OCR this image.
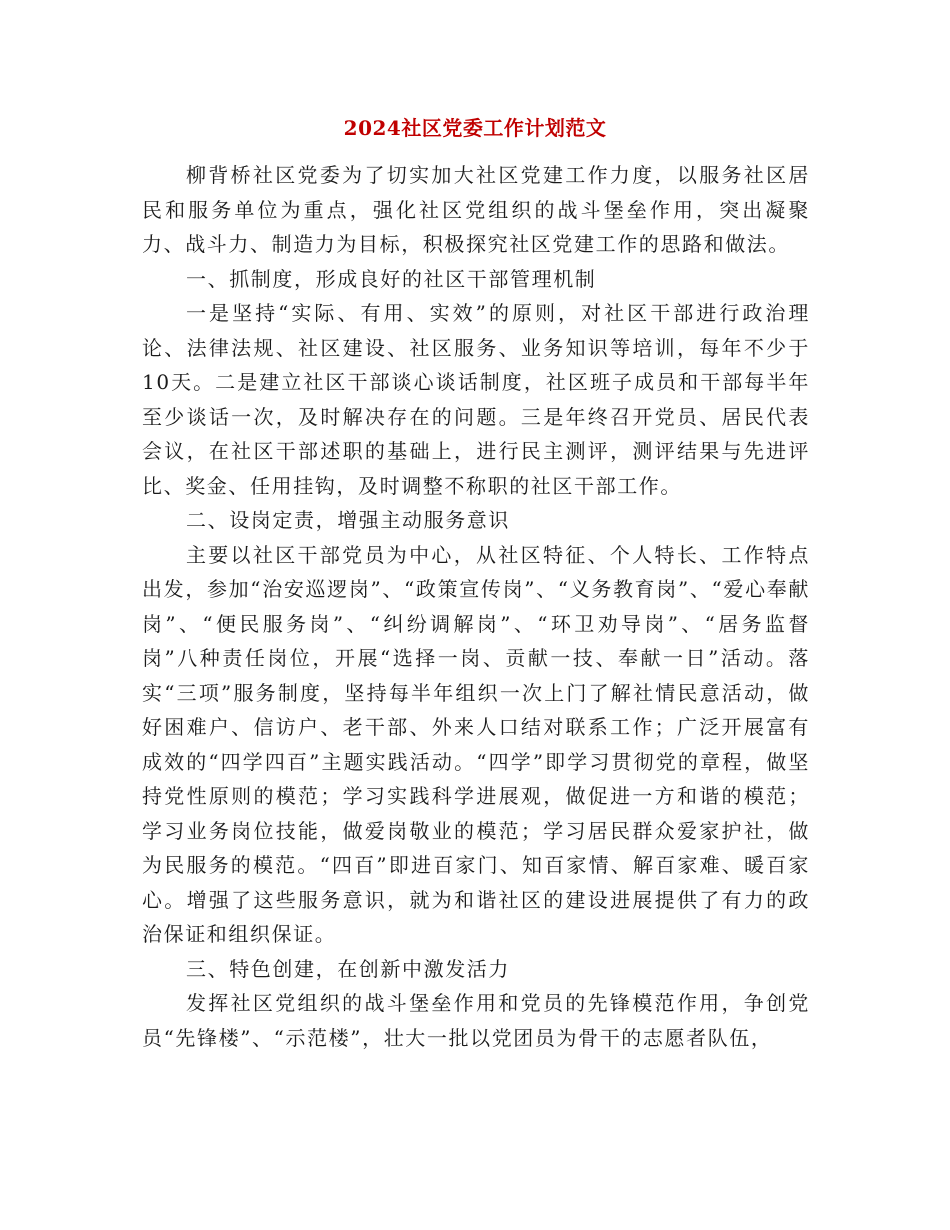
2024社区党委工作计划范文

柳背桥社区党委为了切实加大社区党建工作力度，以服务社区居民和服务单位为重点，强化社区党组织的战斗堡垒作用，突出凝聚力、战斗力、制造力为目标，积极探究社区党建工作的思路和做法。

一、抓制度，形成良好的社区干部管理机制

一是坚持“实际、有用、实效”的原则，对社区干部进行政治理论、法律法规、社区建设、社区服务、业务知识等培训，每年不少于10天。二是建立社区干部谈心谈话制度，社区班子成员和干部每半年至少谈话一次，及时解决存在的问题。三是年终召开党员、居民代表会议，在社区干部述职的基础上，进行民主测评，测评结果与先进评比、奖金、任用挂钩，及时调整不称职的社区干部工作。

二、设岗定责，增强主动服务意识

主要以社区干部党员为中心，从社区特征、个人特长、工作特点出发，参加“治安巡逻岗”、“政策宣传岗”、“义务教育岗”、“爱心奉献岗”、“便民服务岗”、“纠纷调解岗”、“环卫劝导岗”、“居务监督岗”八种责任岗位，开展“选择一岗、贡献一技、奉献一日”活动。落实“三项”服务制度，坚持每半年组织一次上门了解社情民意活动，做好困难户、信访户、老干部、外来人口结对联系工作；广泛开展富有成效的“四学四百”主题实践活动。“四学”即学习贯彻党的章程，做坚持党性原则的模范；学习实践科学进展观，做促进一方和谐的模范；学习业务岗位技能，做爱岗敬业的模范；学习居民群众爱家护社，做为民服务的模范。“四百”即进百家门、知百家情、解百家难、暖百家心。增强了这些服务意识，就为和谐社区的建设进展提供了有力的政治保证和组织保证。

三、特色创建，在创新中激发活力

发挥社区党组织的战斗堡垒作用和党员的先锋模范作用，争创党员“先锋楼”、“示范楼”，壮大一批以党团员为骨干的志愿者队伍，
